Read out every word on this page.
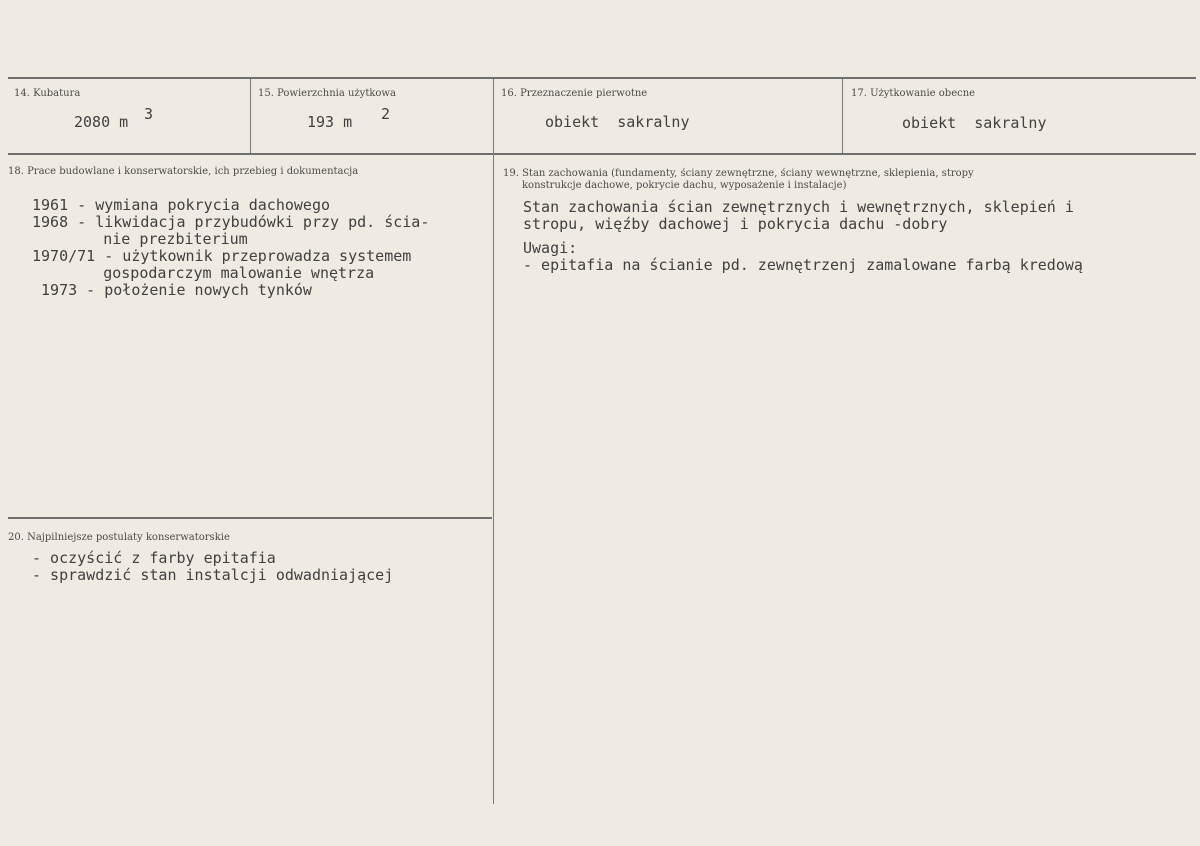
14. Kubatura
2080 m 3
15. Powierzchnia użytkowa
193 m 2
16. Przeznaczenie pierwotne
obiekt  sakralny
17. Użytkowanie obecne
obiekt  sakralny
18. Prace budowlane i konserwatorskie, ich przebieg i dokumentacja
1961 - wymiana pokrycia dachowego
1968 - likwidacja przybudówki przy pd. ścia-
nie prezbiterium
1970/71 - użytkownik przeprowadza systemem
gospodarczym malowanie wnętrza
1973 - położenie nowych tynków
19. Stan zachowania (fundamenty, ściany zewnętrzne, ściany wewnętrzne, sklepienia, stropy
konstrukcje dachowe, pokrycie dachu, wyposażenie i instalacje)
Stan zachowania ścian zewnętrznych i wewnętrznych, sklepień i
stropu, więźby dachowej i pokrycia dachu -dobry
Uwagi:
- epitafia na ścianie pd. zewnętrzenj zamalowane farbą kredową
20. Najpilniejsze postulaty konserwatorskie
- oczyścić z farby epitafia
- sprawdzić stan instalcji odwadniającej
